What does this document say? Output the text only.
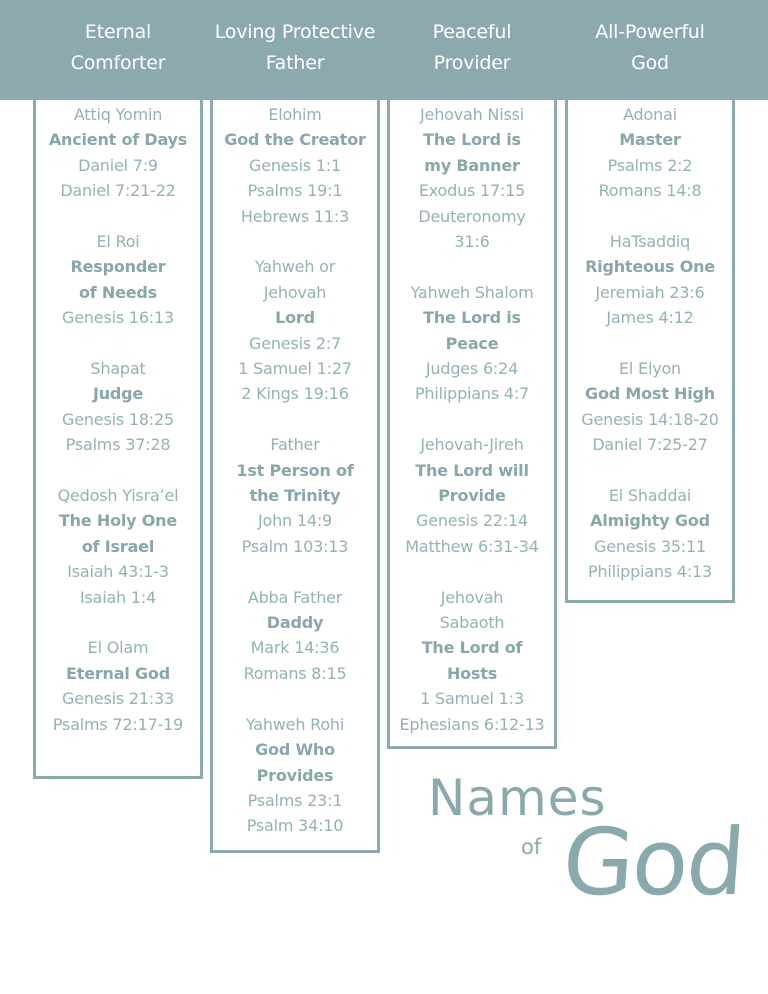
Eternal
Comforter
Loving Protective
Father
Peaceful
Provider
All-Powerful
God
Attiq Yomin
Ancient of Days
Daniel 7:9
Daniel 7:21-22
El Roi
Responder
of Needs
Genesis 16:13
Shapat
Judge
Genesis 18:25
Psalms 37:28
Qedosh Yisra’el
The Holy One
of Israel
Isaiah 43:1-3
Isaiah 1:4
El Olam
Eternal God
Genesis 21:33
Psalms 72:17-19
Elohim
God the Creator
Genesis 1:1
Psalms 19:1
Hebrews 11:3
Yahweh or
Jehovah
Lord
Genesis 2:7
1 Samuel 1:27
2 Kings 19:16
Father
1st Person of
the Trinity
John 14:9
Psalm 103:13
Abba Father
Daddy
Mark 14:36
Romans 8:15
Yahweh Rohi
God Who
Provides
Psalms 23:1
Psalm 34:10
Jehovah Nissi
The Lord is
my Banner
Exodus 17:15
Deuteronomy
31:6
Yahweh Shalom
The Lord is
Peace
Judges 6:24
Philippians 4:7
Jehovah-Jireh
The Lord will
Provide
Genesis 22:14
Matthew 6:31-34
Jehovah
Sabaoth
The Lord of
Hosts
1 Samuel 1:3
Ephesians 6:12-13
Adonai
Master
Psalms 2:2
Romans 14:8
HaTsaddiq
Righteous One
Jeremiah 23:6
James 4:12
El Elyon
God Most High
Genesis 14:18-20
Daniel 7:25-27
El Shaddai
Almighty God
Genesis 35:11
Philippians 4:13
Names
of God
